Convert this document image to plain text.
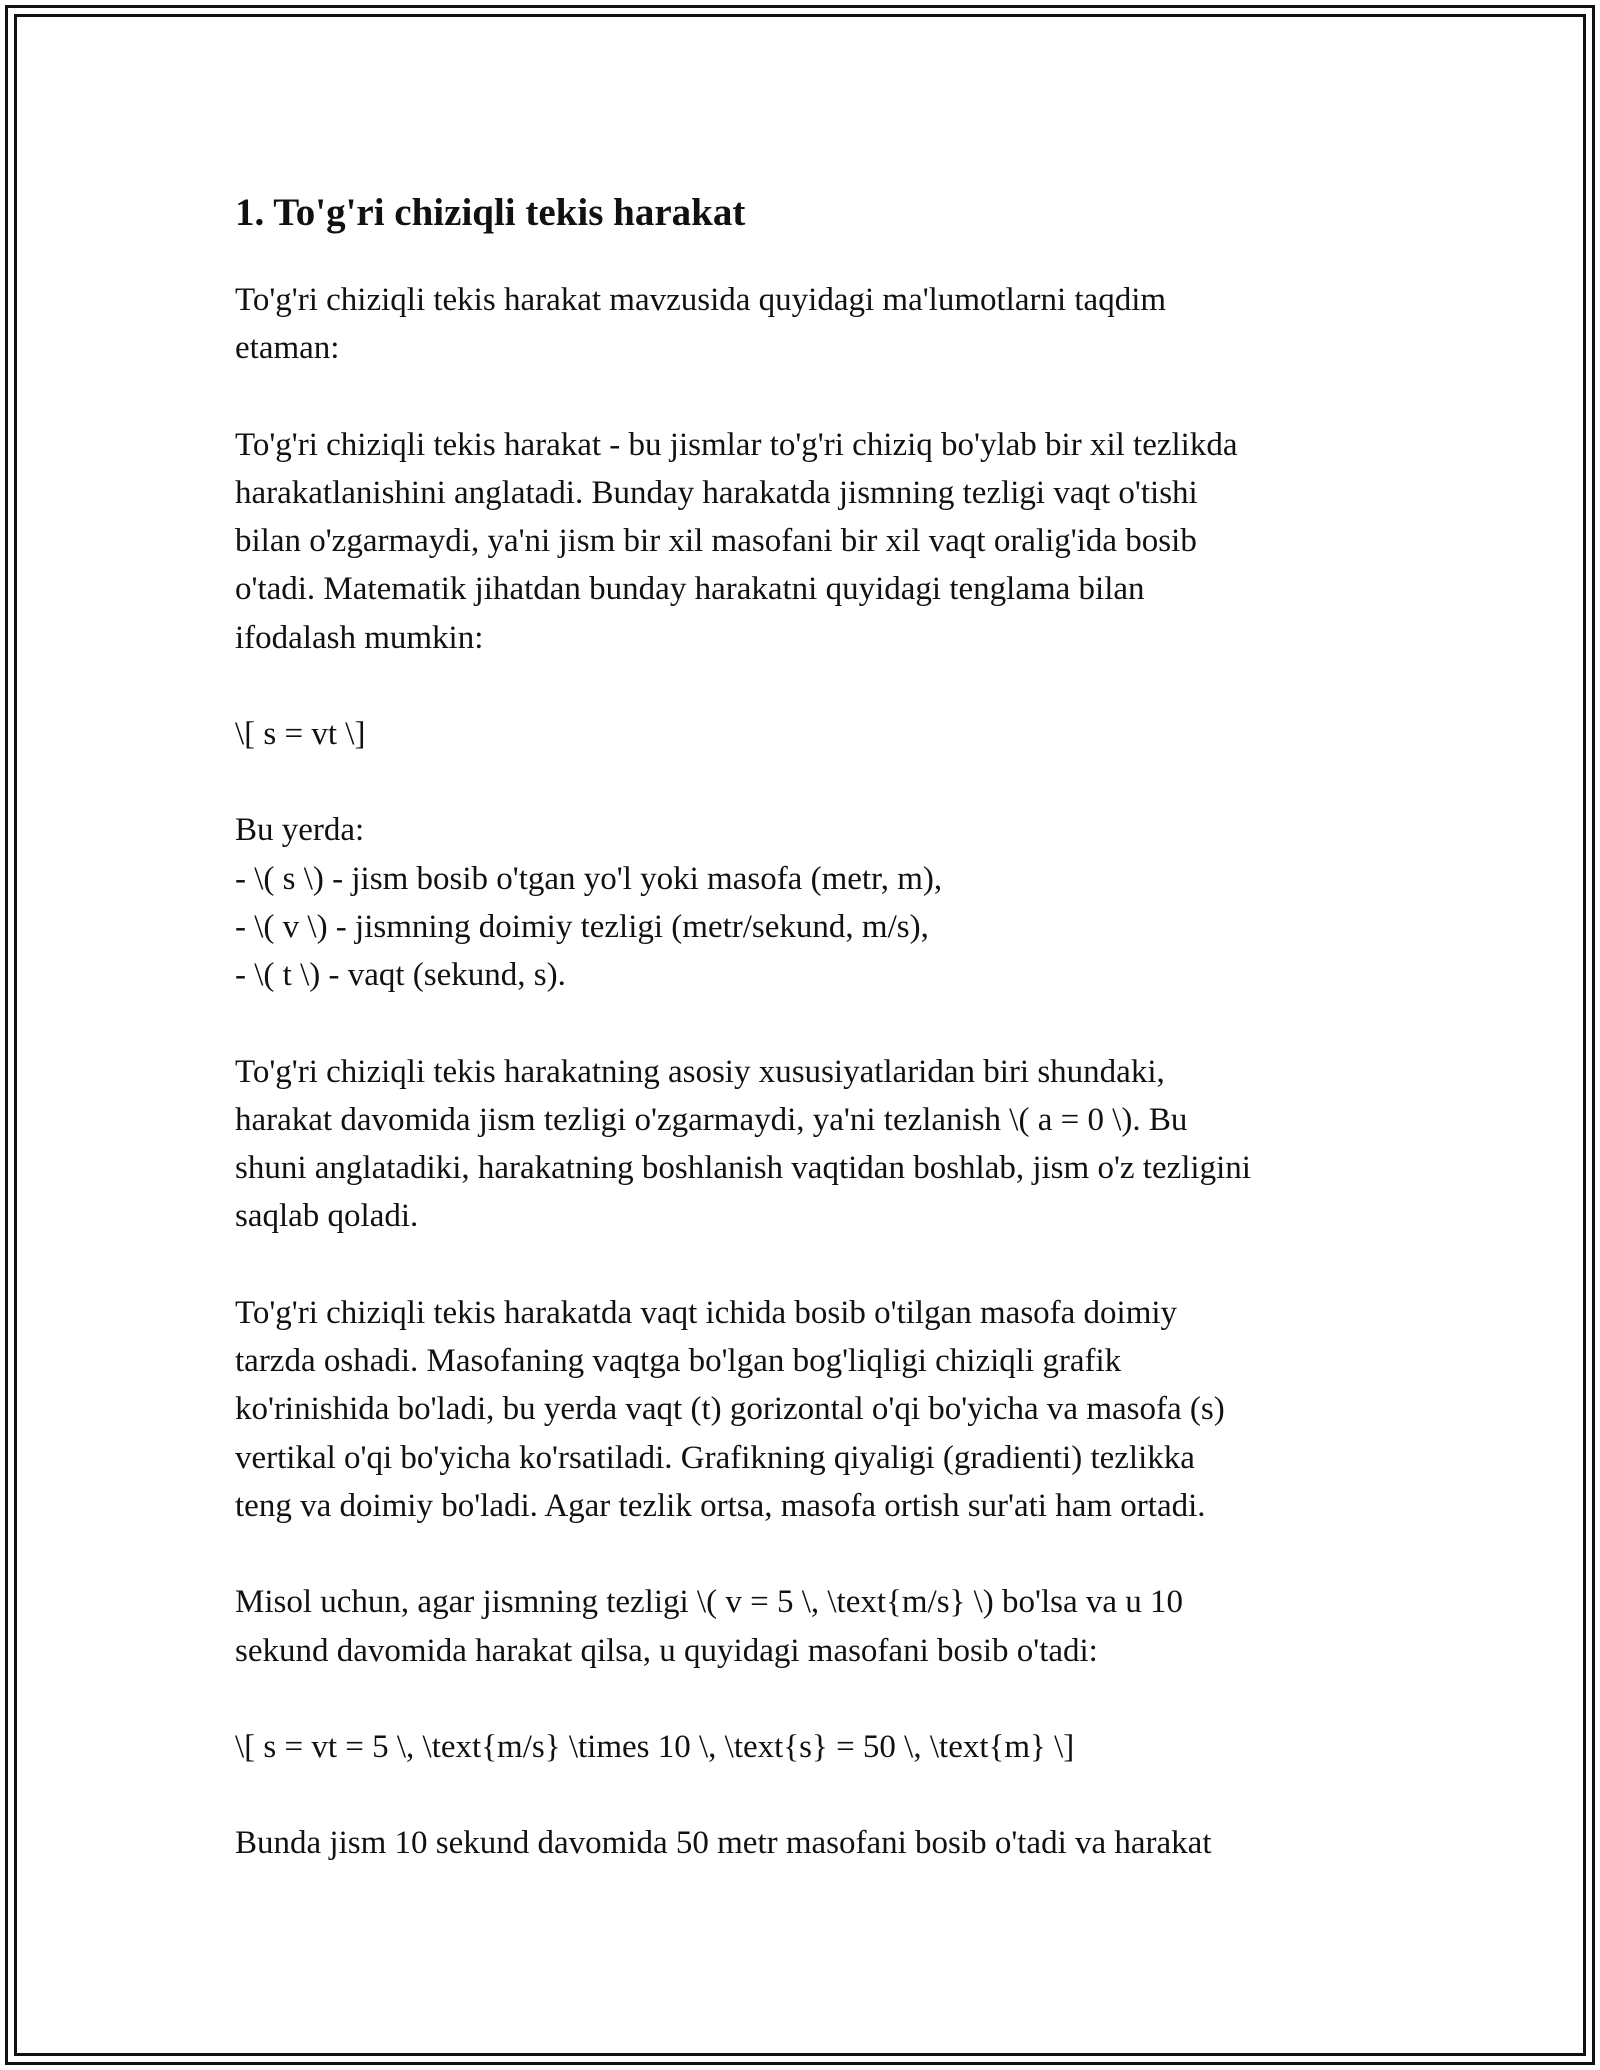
1. To'g'ri chiziqli tekis harakat
To'g'ri chiziqli tekis harakat mavzusida quyidagi ma'lumotlarni taqdim
etaman:
To'g'ri chiziqli tekis harakat - bu jismlar to'g'ri chiziq bo'ylab bir xil tezlikda
harakatlanishini anglatadi. Bunday harakatda jismning tezligi vaqt o'tishi
bilan o'zgarmaydi, ya'ni jism bir xil masofani bir xil vaqt oralig'ida bosib
o'tadi. Matematik jihatdan bunday harakatni quyidagi tenglama bilan
ifodalash mumkin:
\[ s = vt \]
Bu yerda:
- \( s \) - jism bosib o'tgan yo'l yoki masofa (metr, m),
- \( v \) - jismning doimiy tezligi (metr/sekund, m/s),
- \( t \) - vaqt (sekund, s).
To'g'ri chiziqli tekis harakatning asosiy xususiyatlaridan biri shundaki,
harakat davomida jism tezligi o'zgarmaydi, ya'ni tezlanish \( a = 0 \). Bu
shuni anglatadiki, harakatning boshlanish vaqtidan boshlab, jism o'z tezligini
saqlab qoladi.
To'g'ri chiziqli tekis harakatda vaqt ichida bosib o'tilgan masofa doimiy
tarzda oshadi. Masofaning vaqtga bo'lgan bog'liqligi chiziqli grafik
ko'rinishida bo'ladi, bu yerda vaqt (t) gorizontal o'qi bo'yicha va masofa (s)
vertikal o'qi bo'yicha ko'rsatiladi. Grafikning qiyaligi (gradienti) tezlikka
teng va doimiy bo'ladi. Agar tezlik ortsa, masofa ortish sur'ati ham ortadi.
Misol uchun, agar jismning tezligi \( v = 5 \, \text{m/s} \) bo'lsa va u 10
sekund davomida harakat qilsa, u quyidagi masofani bosib o'tadi:
\[ s = vt = 5 \, \text{m/s} \times 10 \, \text{s} = 50 \, \text{m} \]
Bunda jism 10 sekund davomida 50 metr masofani bosib o'tadi va harakat
